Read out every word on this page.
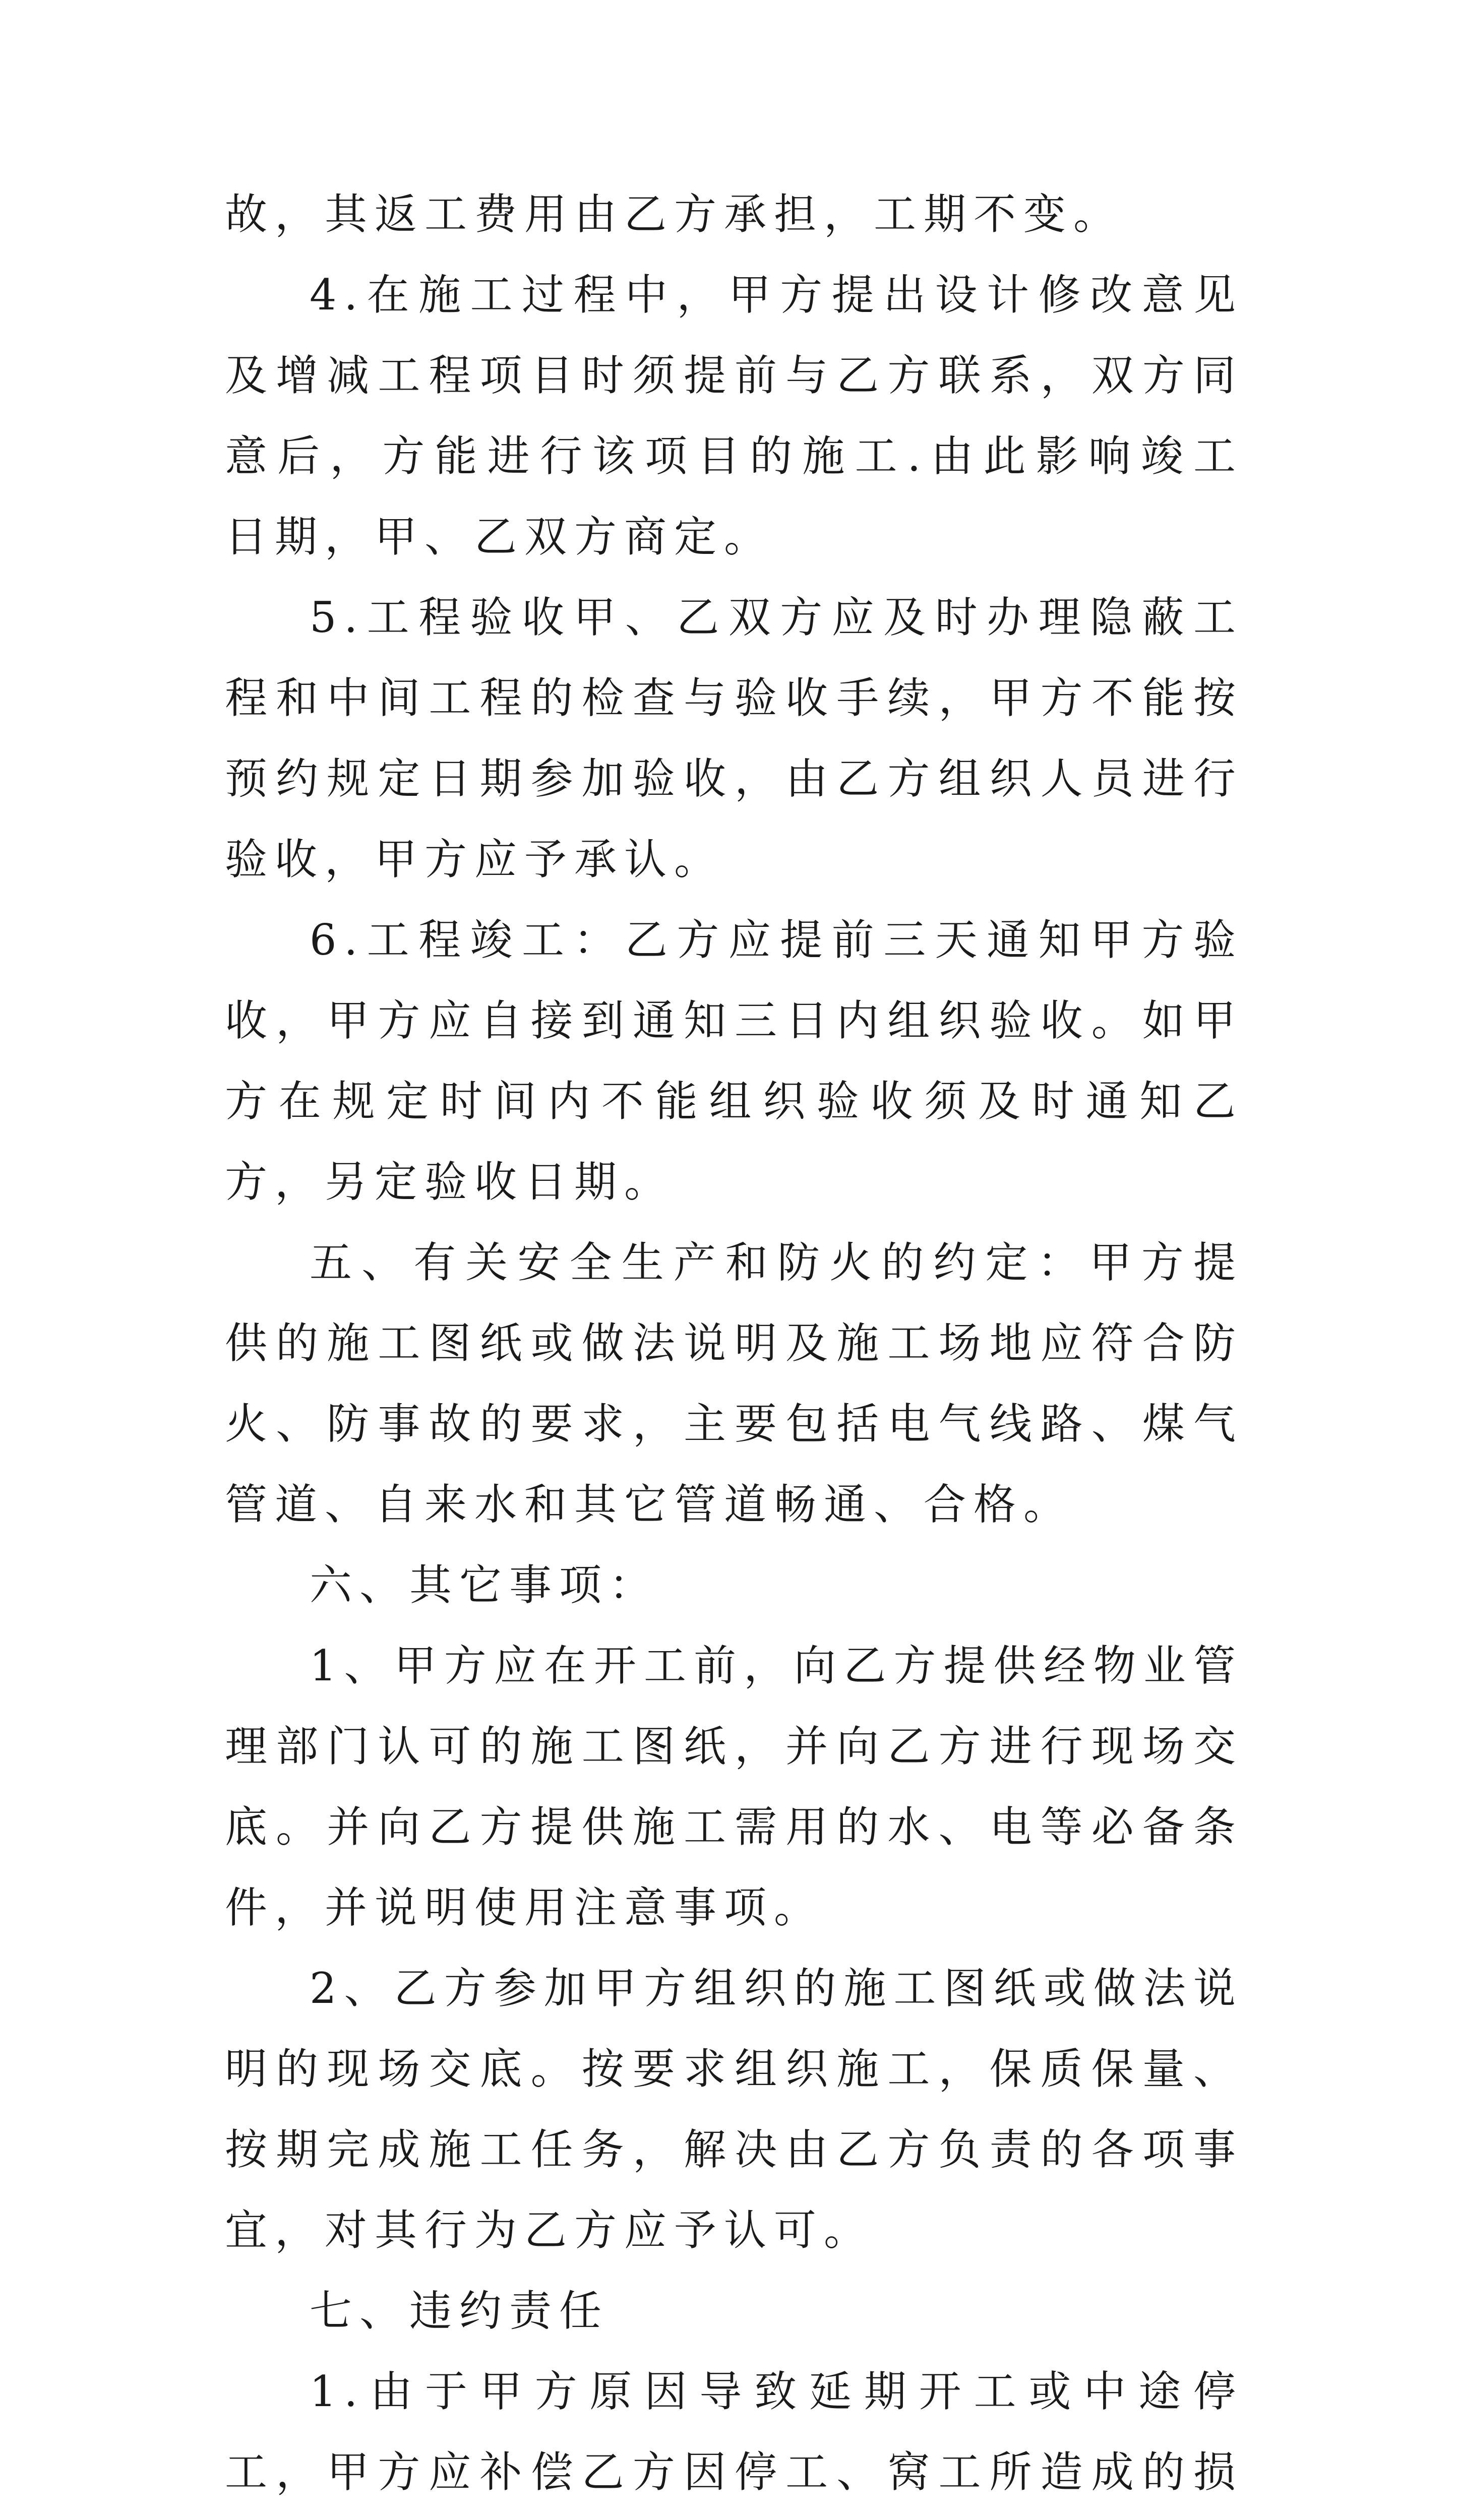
故，其返工费用由乙方承担，工期不变。

4.在施工过程中，甲方提出设计修改意见及增减工程项目时须提前与乙方联系，双方同意后，方能进行该项目的施工.由此影响竣工日期，甲、乙双方商定。

5.工程验收甲、乙双方应及时办理隐蔽工程和中间工程的检查与验收手续，甲方不能按预约规定日期参加验收，由乙方组织人员进行验收，甲方应予承认。

6.工程竣工：乙方应提前三天通知甲方验收，甲方应自接到通知三日内组织验收。如甲方在规定时间内不能组织验收须及时通知乙方，另定验收日期。

五、有关安全生产和防火的约定：甲方提供的施工图纸或做法说明及施工场地应符合防火、防事故的要求，主要包括电气线路、煤气管道、自来水和其它管道畅通、合格。

六、其它事项：

1、甲方应在开工前，向乙方提供经物业管理部门认可的施工图纸，并向乙方进行现场交底。并向乙方提供施工需用的水、电等必备条件，并说明使用注意事项。

2、乙方参加甲方组织的施工图纸或做法说明的现场交底。按要求组织施工，保质保量、按期完成施工任务，解决由乙方负责的各项事宜，对其行为乙方应予认可。

七、违约责任

1.由于甲方原因导致延期开工或中途停工，甲方应补偿乙方因停工、窝工所造成的损
